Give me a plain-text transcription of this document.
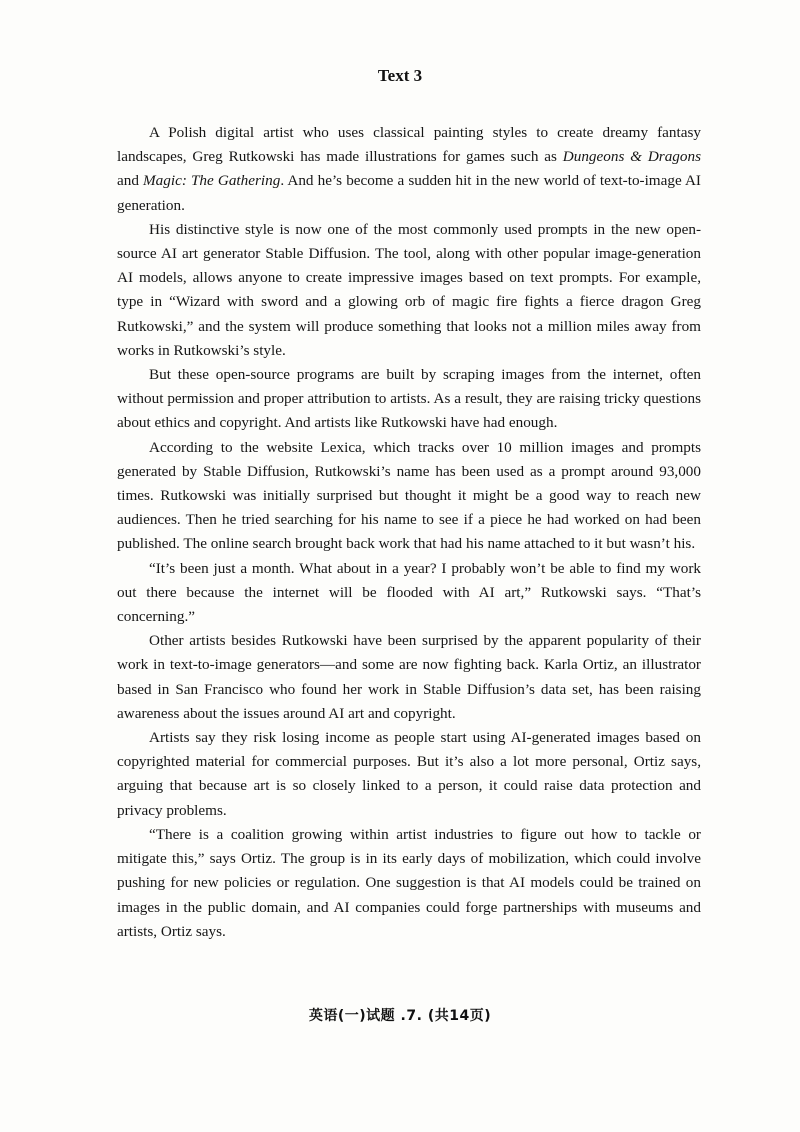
Text 3

A Polish digital artist who uses classical painting styles to create dreamy fantasy landscapes, Greg Rutkowski has made illustrations for games such as Dungeons & Dragons and Magic: The Gathering. And he’s become a sudden hit in the new world of text-to-image AI generation.

His distinctive style is now one of the most commonly used prompts in the new open-source AI art generator Stable Diffusion. The tool, along with other popular image-generation AI models, allows anyone to create impressive images based on text prompts. For example, type in “Wizard with sword and a glowing orb of magic fire fights a fierce dragon Greg Rutkowski,” and the system will produce something that looks not a million miles away from works in Rutkowski’s style.

But these open-source programs are built by scraping images from the internet, often without permission and proper attribution to artists. As a result, they are raising tricky questions about ethics and copyright. And artists like Rutkowski have had enough.

According to the website Lexica, which tracks over 10 million images and prompts generated by Stable Diffusion, Rutkowski’s name has been used as a prompt around 93,000 times. Rutkowski was initially surprised but thought it might be a good way to reach new audiences. Then he tried searching for his name to see if a piece he had worked on had been published. The online search brought back work that had his name attached to it but wasn’t his.

“It’s been just a month. What about in a year? I probably won’t be able to find my work out there because the internet will be flooded with AI art,” Rutkowski says. “That’s concerning.”

Other artists besides Rutkowski have been surprised by the apparent popularity of their work in text-to-image generators—and some are now fighting back. Karla Ortiz, an illustrator based in San Francisco who found her work in Stable Diffusion’s data set, has been raising awareness about the issues around AI art and copyright.

Artists say they risk losing income as people start using AI-generated images based on copyrighted material for commercial purposes. But it’s also a lot more personal, Ortiz says, arguing that because art is so closely linked to a person, it could raise data protection and privacy problems.

“There is a coalition growing within artist industries to figure out how to tackle or mitigate this,” says Ortiz. The group is in its early days of mobilization, which could involve pushing for new policies or regulation. One suggestion is that AI models could be trained on images in the public domain, and AI companies could forge partnerships with museums and artists, Ortiz says.

英语(一)试题 .7. (共14页)
